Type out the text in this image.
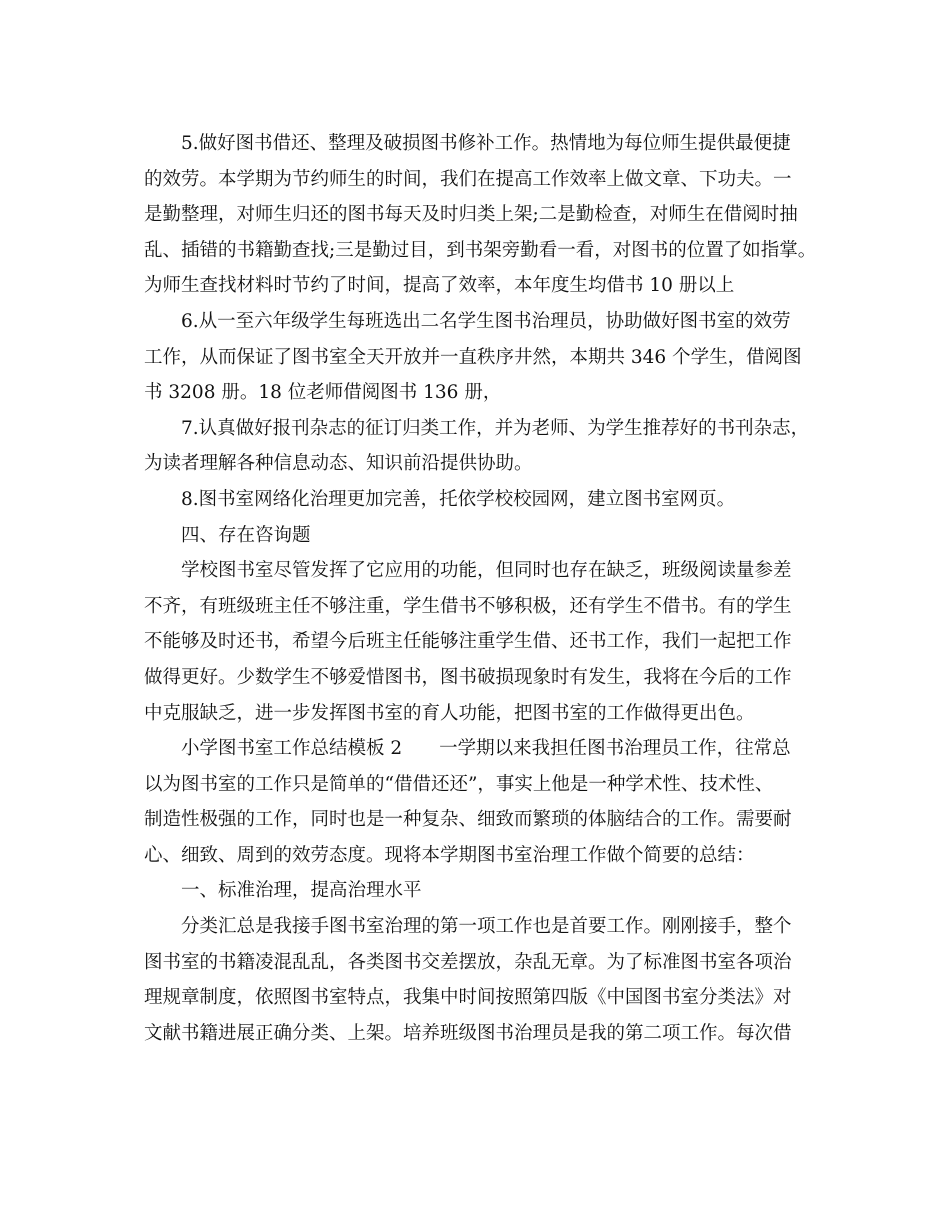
5.做好图书借还、整理及破损图书修补工作。热情地为每位师生提供最便捷
的效劳。本学期为节约师生的时间，我们在提高工作效率上做文章、下功夫。一
是勤整理，对师生归还的图书每天及时归类上架;二是勤检查，对师生在借阅时抽
乱、插错的书籍勤查找;三是勤过目，到书架旁勤看一看，对图书的位置了如指掌。
为师生查找材料时节约了时间，提高了效率，本年度生均借书 10 册以上
6.从一至六年级学生每班选出二名学生图书治理员，协助做好图书室的效劳
工作，从而保证了图书室全天开放并一直秩序井然，本期共 346 个学生，借阅图
书 3208 册。18 位老师借阅图书 136 册，
7.认真做好报刊杂志的征订归类工作，并为老师、为学生推荐好的书刊杂志，
为读者理解各种信息动态、知识前沿提供协助。
8.图书室网络化治理更加完善，托依学校校园网，建立图书室网页。
四、存在咨询题
学校图书室尽管发挥了它应用的功能，但同时也存在缺乏，班级阅读量参差
不齐，有班级班主任不够注重，学生借书不够积极，还有学生不借书。有的学生
不能够及时还书，希望今后班主任能够注重学生借、还书工作，我们一起把工作
做得更好。少数学生不够爱惜图书，图书破损现象时有发生，我将在今后的工作
中克服缺乏，进一步发挥图书室的育人功能，把图书室的工作做得更出色。
小学图书室工作总结模板 2　　一学期以来我担任图书治理员工作，往常总
以为图书室的工作只是简单的“借借还还”，事实上他是一种学术性、技术性、
制造性极强的工作，同时也是一种复杂、细致而繁琐的体脑结合的工作。需要耐
心、细致、周到的效劳态度。现将本学期图书室治理工作做个简要的总结：
一、标准治理，提高治理水平
分类汇总是我接手图书室治理的第一项工作也是首要工作。刚刚接手，整个
图书室的书籍凌混乱乱，各类图书交差摆放，杂乱无章。为了标准图书室各项治
理规章制度，依照图书室特点，我集中时间按照第四版《中国图书室分类法》对
文献书籍进展正确分类、上架。培养班级图书治理员是我的第二项工作。每次借
